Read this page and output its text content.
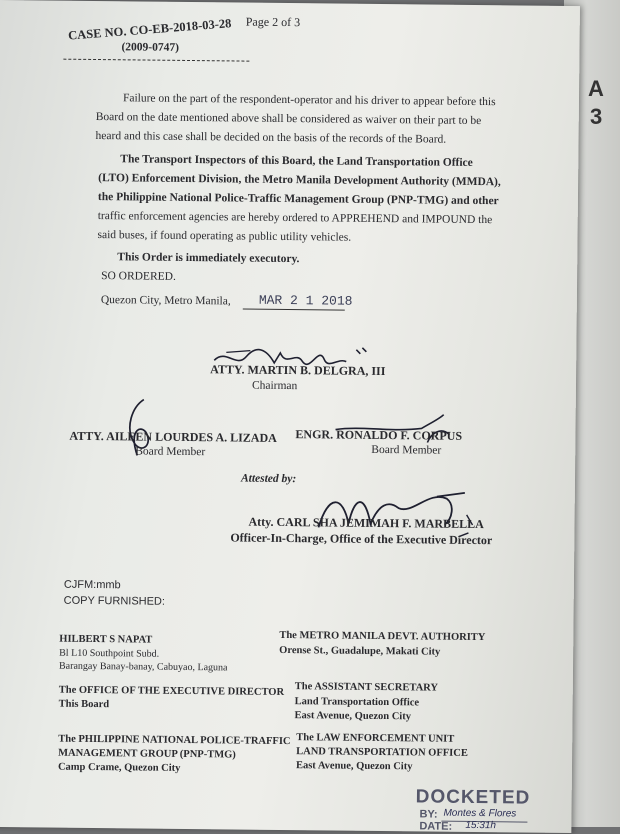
A
3
Page 2 of 3
CASE NO. CO-EB-2018-03-28
(2009-0747)
Failure on the part of the respondent-operator and his driver to appear before this
Board on the date mentioned above shall be considered as waiver on their part to be
heard and this case shall be decided on the basis of the records of the Board.
The Transport Inspectors of this Board, the Land Transportation Office
(LTO) Enforcement Division, the Metro Manila Development Authority (MMDA),
the Philippine National Police-Traffic Management Group (PNP-TMG) and other
traffic enforcement agencies are hereby ordered to APPREHEND and IMPOUND the
said buses, if found operating as public utility vehicles.
This Order is immediately executory.
SO ORDERED.
Quezon City, Metro Manila, MAR 2 1 2018
ATTY. MARTIN B. DELGRA, III
Chairman
ATTY. AILEEN LOURDES A. LIZADA
Board Member
ENGR. RONALDO F. CORPUS
Board Member
Attested by:
Atty. CARL SHA JEMIMAH F. MARBELLA
Officer-In-Charge, Office of the Executive Director
CJFM:mmb
COPY FURNISHED:
HILBERT S NAPAT
Bl L10 Southpoint Subd.
Barangay Banay-banay, Cabuyao, Laguna
The METRO MANILA DEVT. AUTHORITY
Orense St., Guadalupe, Makati City
The OFFICE OF THE EXECUTIVE DIRECTOR
This Board
The ASSISTANT SECRETARY
Land Transportation Office
East Avenue, Quezon City
The PHILIPPINE NATIONAL POLICE-TRAFFIC
MANAGEMENT GROUP (PNP-TMG)
Camp Crame, Quezon City
The LAW ENFORCEMENT UNIT
LAND TRANSPORTATION OFFICE
East Avenue, Quezon City
DOCKETED
BY: Montes & Flores
DATE: 15:31h
